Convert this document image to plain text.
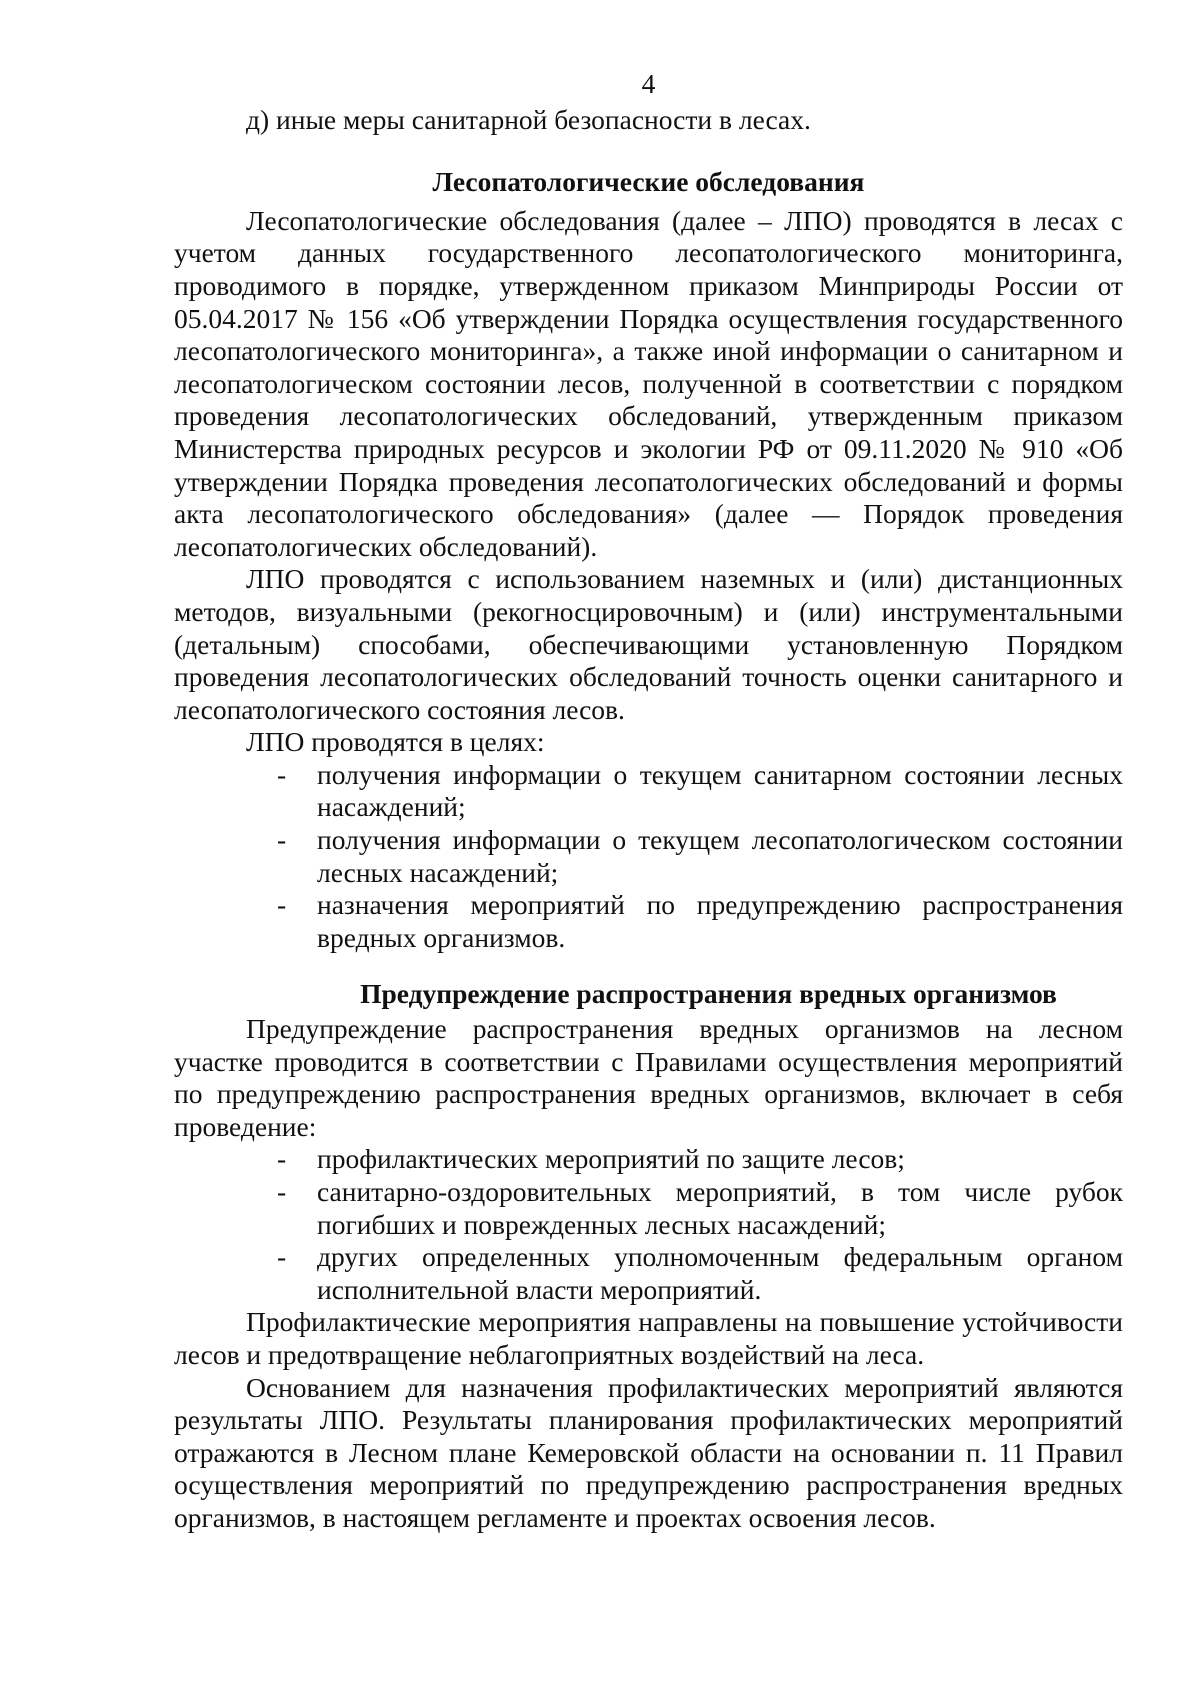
4

д) иные меры санитарной безопасности в лесах.

Лесопатологические обследования

Лесопатологические обследования (далее – ЛПО) проводятся в лесах с учетом данных государственного лесопатологического мониторинга, проводимого в порядке, утвержденном приказом Минприроды России от 05.04.2017 № 156 «Об утверждении Порядка осуществления государственного лесопатологического мониторинга», а также иной информации о санитарном и лесопатологическом состоянии лесов, полученной в соответствии с порядком проведения лесопатологических обследований, утвержденным приказом Министерства природных ресурсов и экологии РФ от 09.11.2020 № 910 «Об утверждении Порядка проведения лесопатологических обследований и формы акта лесопатологического обследования» (далее — Порядок проведения лесопатологических обследований).

ЛПО проводятся с использованием наземных и (или) дистанционных методов, визуальными (рекогносцировочным) и (или) инструментальными (детальным) способами, обеспечивающими установленную Порядком проведения лесопатологических обследований точность оценки санитарного и лесопатологического состояния лесов.

ЛПО проводятся в целях:

- получения информации о текущем санитарном состоянии лесных насаждений;
- получения информации о текущем лесопатологическом состоянии лесных насаждений;
- назначения мероприятий по предупреждению распространения вредных организмов.
Предупреждение распространения вредных организмов

Предупреждение распространения вредных организмов на лесном участке проводится в соответствии с Правилами осуществления мероприятий по предупреждению распространения вредных организмов, включает в себя проведение:

- профилактических мероприятий по защите лесов;
- санитарно-оздоровительных мероприятий, в том числе рубок погибших и поврежденных лесных насаждений;
- других определенных уполномоченным федеральным органом исполнительной власти мероприятий.

Профилактические мероприятия направлены на повышение устойчивости лесов и предотвращение неблагоприятных воздействий на леса.

Основанием для назначения профилактических мероприятий являются результаты ЛПО. Результаты планирования профилактических мероприятий отражаются в Лесном плане Кемеровской области на основании п. 11 Правил осуществления мероприятий по предупреждению распространения вредных организмов, в настоящем регламенте и проектах освоения лесов.
